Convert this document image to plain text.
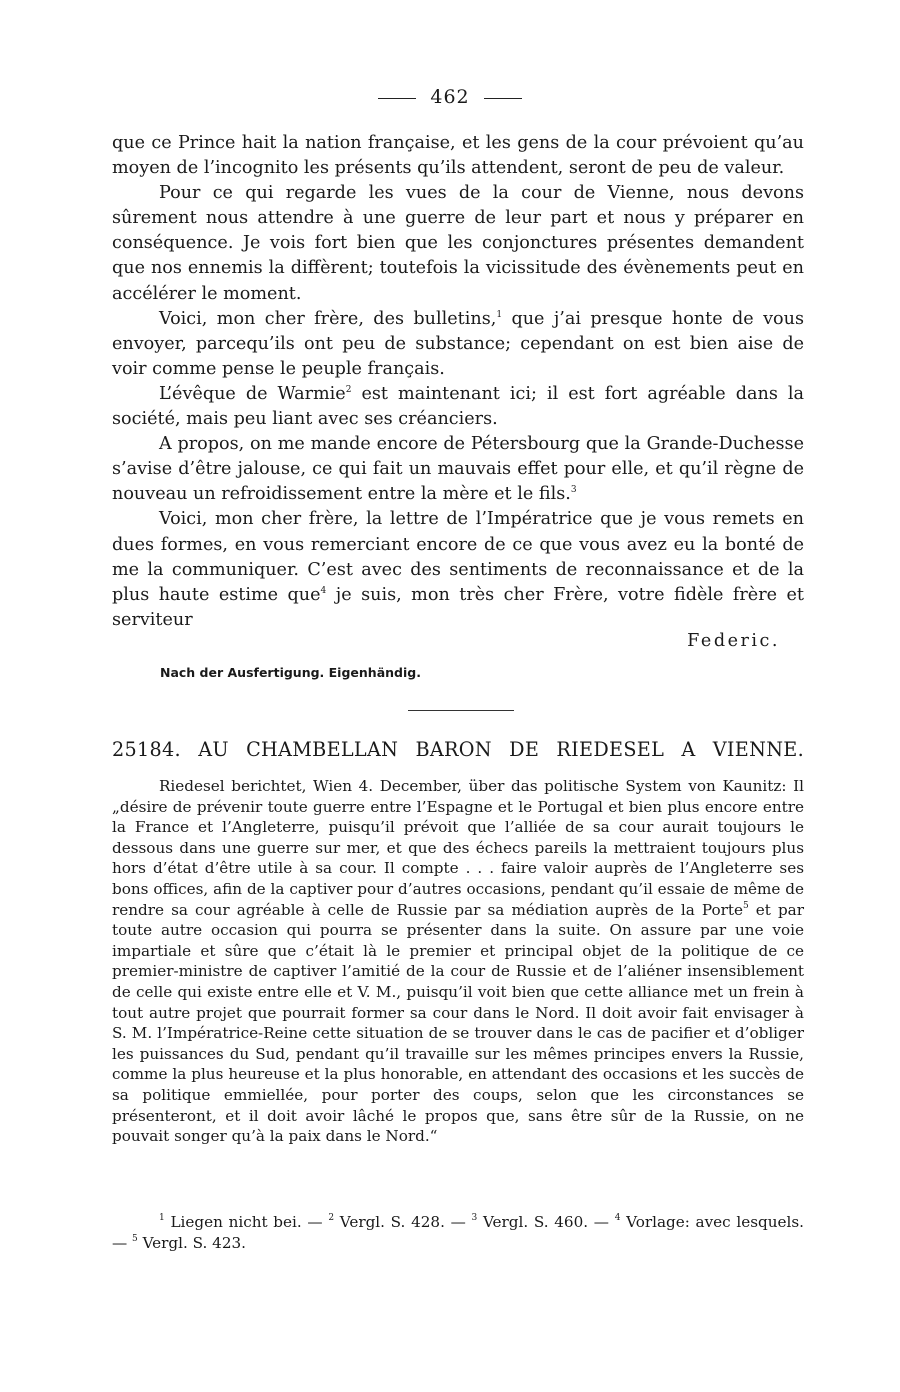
462

que ce Prince hait la nation française, et les gens de la cour prévoient qu’au moyen de l’incognito les présents qu’ils attendent, seront de peu de valeur.

Pour ce qui regarde les vues de la cour de Vienne, nous devons sûrement nous attendre à une guerre de leur part et nous y préparer en conséquence. Je vois fort bien que les conjonctures présentes demandent que nos ennemis la diffèrent; toutefois la vicissitude des évènements peut en accélérer le moment.

Voici, mon cher frère, des bulletins,$^1$ que j’ai presque honte de vous envoyer, parcequ’ils ont peu de substance; cependant on est bien aise de voir comme pense le peuple français.

L’évêque de Warmie$^2$ est maintenant ici; il est fort agréable dans la société, mais peu liant avec ses créanciers.

A propos, on me mande encore de Pétersbourg que la Grande-Duchesse s’avise d’être jalouse, ce qui fait un mauvais effet pour elle, et qu’il règne de nouveau un refroidissement entre la mère et le fils.$^3$

Voici, mon cher frère, la lettre de l’Impératrice que je vous remets en dues formes, en vous remerciant encore de ce que vous avez eu la bonté de me la communiquer. C’est avec des sentiments de reconnaissance et de la plus haute estime que$^4$ je suis, mon très cher Frère, votre fidèle frère et serviteur

Federic.
Nach der Ausfertigung. Eigenhändig.
25184. AU CHAMBELLAN BARON DE RIEDESEL A VIENNE.

Riedesel berichtet, Wien 4. December, über das politische System von Kaunitz: Il „désire de prévenir toute guerre entre l’Espagne et le Portugal et bien plus encore entre la France et l’Angleterre, puisqu’il prévoit que l’alliée de sa cour aurait toujours le dessous dans une guerre sur mer, et que des échecs pareils la mettraient toujours plus hors d’état d’être utile à sa cour. Il compte . . . faire valoir auprès de l’Angleterre ses bons offices, afin de la captiver pour d’autres occasions, pendant qu’il essaie de même de rendre sa cour agréable à celle de Russie par sa médiation auprès de la Porte$^5$ et par toute autre occasion qui pourra se présenter dans la suite. On assure par une voie impartiale et sûre que c’était là le premier et principal objet de la politique de ce premier-ministre de captiver l’amitié de la cour de Russie et de l’aliéner insensiblement de celle qui existe entre elle et V. M., puisqu’il voit bien que cette alliance met un frein à tout autre projet que pourrait former sa cour dans le Nord. Il doit avoir fait envisager à S. M. l’Impératrice-Reine cette situation de se trouver dans le cas de pacifier et d’obliger les puissances du Sud, pendant qu’il travaille sur les mêmes principes envers la Russie, comme la plus heureuse et la plus honorable, en attendant des occasions et les succès de sa politique emmiellée, pour porter des coups, selon que les circonstances se présenteront, et il doit avoir lâché le propos que, sans être sûr de la Russie, on ne pouvait songer qu’à la paix dans le Nord.“

$^1$ Liegen nicht bei. — $^2$ Vergl. S. 428. — $^3$ Vergl. S. 460. — $^4$ Vorlage: avec lesquels. — $^5$ Vergl. S. 423.
